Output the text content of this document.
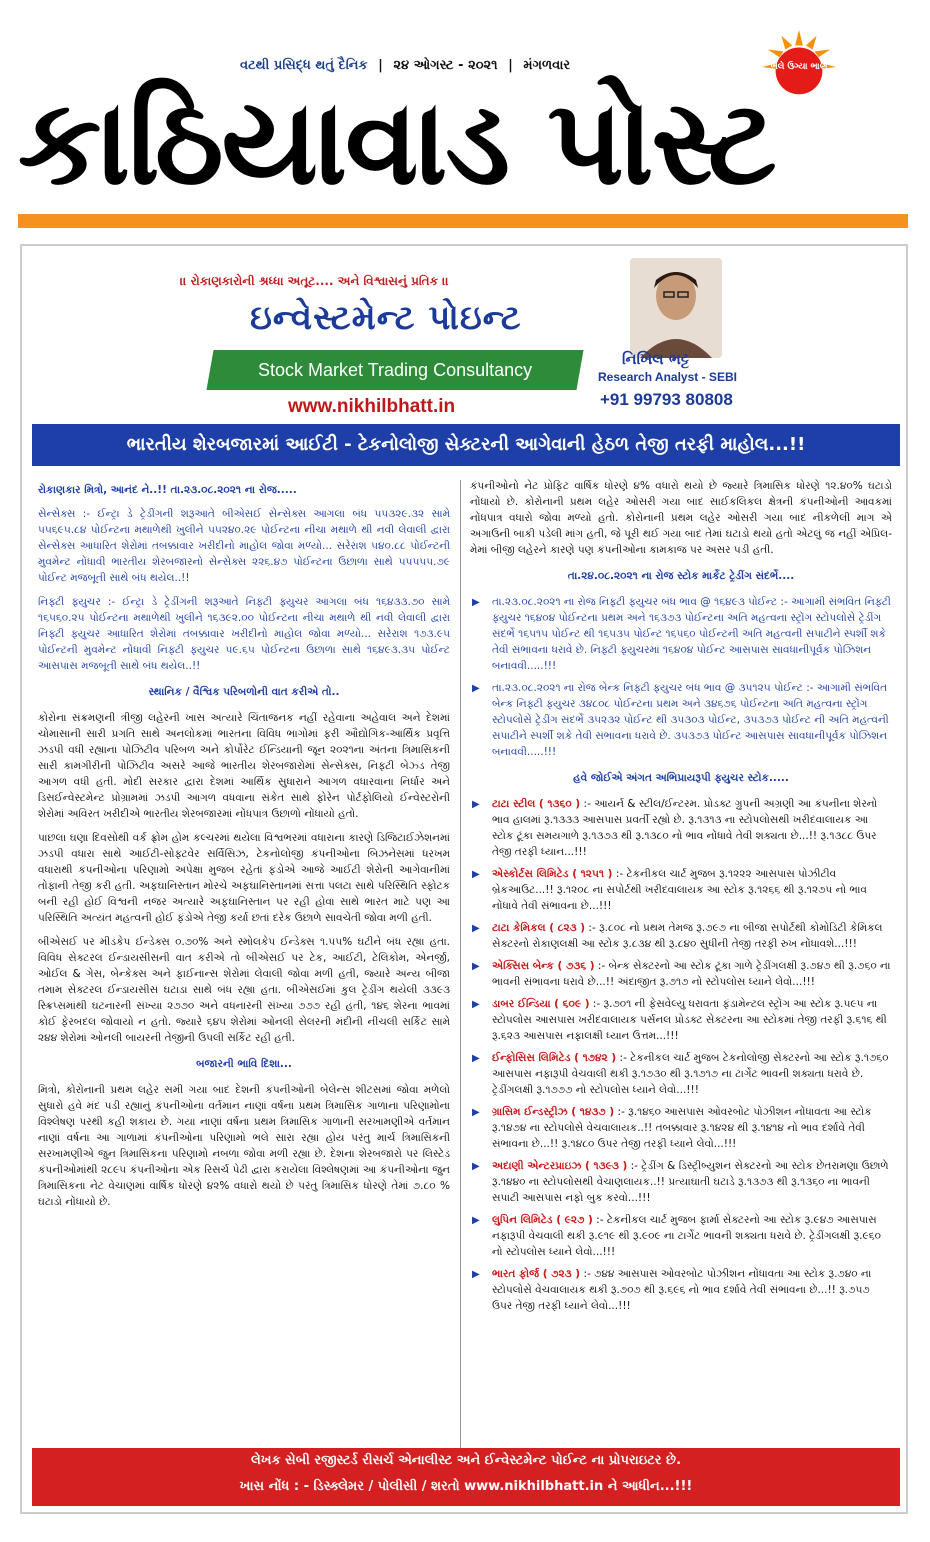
વટથી પ્રસિદ્ધ થતું દૈનિક | ૨૪ ઓગસ્ટ - ૨૦૨૧ | મંગળવાર
કાઠિયાવાડ પોસ્ટ
ભલે ઉગ્યા ભાણ
।। રોકાણકારોની શ્રધ્ધા અતૂટ.... અને વિશ્વાસનું પ્રતિક ।।
ઇન્વેસ્ટમેન્ટ પોઇન્ટ
Stock Market Trading Consultancy
www.nikhilbhatt.in
નિખિલ ભટ્ટ
Research Analyst - SEBI
+91 99793 80808
ભારતીય શેરબજારમાં આઈટી - ટેકનોલોજી સેક્ટરની આગેવાની હેઠળ તેજી તરફી માહોલ...!!

રોકાણકાર મિત્રો, આનંદ ને..!! તા.૨૩.૦૮.૨૦૨૧ ના રોજ.....

સેન્સેક્સ :- ઈન્ટ્રા ડે ટ્રેડીંગની શરૂઆતે બીએસઈ સેન્સેક્સ આગલા બંધ ૫૫૩૨૯.૩૨ સામે ૫૫૬૯૫.૮૪ પોઈન્ટના મથાળેથી ખુલીને ૫૫૨૪૦.૨૯ પોઈન્ટના નીચા મથાળે થી નવી લેવાલી દ્વારા સેન્સેક્સ આધારિત શેરોમાં તબક્કાવાર ખરીદીનો માહોલ જોવા મળ્યો... સરેરાશ ૫૪૦.૮૮ પોઈન્ટની મુવમેન્ટ નોંધાવી ભારતીય શેરબજારનો સેન્સેક્સ ૨૨૬.૪૭ પોઈન્ટના ઉછાળા સાથે ૫૫૫૫૫.૭૯ પોઈન્ટ મજબૂતી સાથે બંધ થયેલ..!!

નિફ્ટી ફ્યુચર :- ઈન્ટ્રા ડે ટ્રેડીંગની શરૂઆતે નિફ્ટી ફ્યુચર આગલા બંધ ૧૬૪૩૩.૭૦ સામે ૧૬૫૬૦.૨૫ પોઈન્ટના મથાળેથી ખુલીને ૧૬૩૯૨.૦૦ પોઈન્ટના નીચા મથાળે થી નવી લેવાલી દ્વારા નિફ્ટી ફ્યુચર આધારિત શેરોમાં તબક્કાવાર ખરીદીનો માહોલ જોવા મળ્યો... સરેરાશ ૧૭૩.૯૫ પોઈન્ટની મુવમેન્ટ નોંધાવી નિફ્ટી ફ્યુચર ૫૯.૬૫ પોઈન્ટના ઉછાળા સાથે ૧૬૪૯૩.૩૫ પોઈન્ટ આસપાસ મજબૂતી સાથે બંધ થયેલ..!!

સ્થાનિક / વૈશ્વિક પરિબળોની વાત કરીએ તો..

કોરોના સંક્રમણની ત્રીજી લહેરની ખાસ અત્યારે ચિંતાજનક નહીં રહેવાના અહેવાલ અને દેશમાં ચોમાસાની સારી પ્રગતિ સાથે અનલોકમાં ભારતના વિવિધ ભાગોમાં ફરી ઔદ્યોગિક-આર્થિક પ્રવૃત્તિ ઝડપી વધી રહ્યાના પોઝિટીવ પરિબળ અને કોર્પોરેટ ઈન્ડિયાની જૂન ૨૦૨૧ના અંતના ત્રિમાસિકની સારી કામગીરીની પોઝિટીવ અસરે આજે ભારતીય શેરબજારોમાં સેન્સેક્સ, નિફ્ટી બેઝ્ડ તેજી આગળ વધી હતી. મોદી સરકાર દ્વારા દેશમાં આર્થિક સુધારાને આગળ વધારવાના નિર્ધાર અને ડિસઈન્વેસ્ટમેન્ટ પ્રોગ્રામમાં ઝડપી આગળ વધવાના સંકેત સાથે ફોરેન પોર્ટફોલિયો ઈન્વેસ્ટરોની શેરોમાં અવિરત ખરીદીએ ભારતીય શેરબજારમાં નોંધપાત્ર ઉછાળો નોંધાયો હતો.

પાછલા ઘણા દિવસોથી વર્ક ફ્રોમ હોમ કલ્ચરમાં થયેલા વિશ્વભરમાં વધારાના કારણે ડિજિટાઈઝેશનમાં ઝડપી વધારા સાથે આઈટી-સોફ્ટવેર સર્વિસિઝ, ટેકનોલોજી કંપનીઓના બિઝનેસમાં ધરખમ વધારાથી કંપનીઓના પરિણામો અપેક્ષા મુજબ રહેતાં ફંડોએ આજે આઈટી શેરોની આગેવાનીમાં તોફાની તેજી કરી હતી. અફઘાનિસ્તાન મોરચે અફઘાનિસ્તાનમાં સત્તા પલટા સાથે પરિસ્થિતિ સ્ફોટક બની રહી હોઈ વિશ્વની નજર અત્યારે અફઘાનિસ્તાન પર રહી હોવા સાથે ભારત માટે પણ આ પરિસ્થિતિ અત્યંત મહત્વની હોઈ ફંડોએ તેજી કર્યા છતાં દરેક ઉછાળે સાવચેતી જોવા મળી હતી.

બીએસઈ પર મીડકેપ ઈન્ડેક્સ ૦.૭૦% અને સ્મોલકેપ ઈન્ડેક્સ ૧.૫૫% ઘટીને બંધ રહ્યા હતા. વિવિધ સેક્ટરલ ઈન્ડાયસીસની વાત કરીએ તો બીએસઈ પર ટેક, આઈટી, ટેલિકોમ, એનર્જી, ઓઈલ & ગેસ, બેન્કેક્સ અને ફાઈનાન્સ શેરોમાં લેવાલી જોવા મળી હતી, જ્યારે અન્ય બીજા તમામ સેક્ટરલ ઈન્ડાયસીસ ઘટાડા સાથે બંધ રહ્યા હતા. બીએસઈમાં કુલ ટ્રેડીંગ થયેલી ૩૩૯૩ સ્ક્રિપ્સમાંથી ઘટનારની સંખ્યા ૨૭૭૦ અને વધનારની સંખ્યા ૭૭૭ રહી હતી, ૧૪૬ શેરના ભાવમાં કોઈ ફેરબદલ જોવાયો ન હતો. જ્યારે ૬૪૫ શેરોમાં ઓનલી સેલરની મંદીની નીચલી સર્કિટ સામે ૨૪૪ શેરોમાં ઓનલી બાયરની તેજીની ઉપલી સર્કિટ રહી હતી.

બજારની ભાવિ દિશા...

મિત્રો, કોરોનાની પ્રથમ લહેર સમી ગયા બાદ દેશની કંપનીઓની બેલેન્સ શીટસમાં જોવા મળેલો સુધારો હવે મંદ પડી રહ્યાનું કંપનીઓના વર્તમાન નાણાં વર્ષના પ્રથમ ત્રિમાસિક ગાળાના પરિણામોના વિશ્લેષણ પરથી કહી શકાય છે. ગયા નાણાં વર્ષના પ્રથમ ત્રિમાસિક ગાળાની સરખામણીએ વર્તમાન નાણાં વર્ષના આ ગાળામાં કંપનીઓના પરિણામો ભલે સારા રહ્યા હોય પરંતુ માર્ચ ત્રિમાસિકની સરખામણીએ જુન ત્રિમાસિકના પરિણામો નબળા જોવા મળી રહ્યા છે. દેશના શેરબજારો પર લિસ્ટેડ કંપનીઓમાંથી ૨૮૯૫ કંપનીઓના એક રિસર્ચ પેઢી દ્વારા કરાયેલા વિશ્લેષણમાં આ કંપનીઓના જુન ત્રિમાસિકના નેટ વેચાણમાં વાર્ષિક ધોરણે ૪૨% વધારો થયો છે પરંતુ ત્રિમાસિક ધોરણે તેમાં ૭.૮૦ % ઘટાડો નોંધાયો છે.

કંપનીઓનો નેટ પ્રોફિટ વાર્ષિક ધોરણે ૪% વધારો થયો છે જ્યારે ત્રિમાસિક ધોરણે ૧૨.૪૦% ઘટાડો નોંધાયો છે. કોરોનાની પ્રથમ લહેર ઓસરી ગયા બાદ સાઈકલિકલ ક્ષેત્રની કંપનીઓની આવકમાં નોંધપાત્ર વધારો જોવા મળ્યો હતો. કોરોનાની પ્રથમ લહેર ઓસરી ગયા બાદ નીકળેલી માગ એ અગાઉની બાકી પડેલી માંગ હતી, જે પૂરી થઈ ગયા બાદ તેમાં ઘટાડો થયો હતો એટલું જ નહીં એપ્રિલ-મેમાં બીજી લહેરને કારણે પણ કંપનીઓના કામકાજ પર અસર પડી હતી.

તા.૨૪.૦૮.૨૦૨૧ ના રોજ સ્ટોક માર્કેટ ટ્રેડીંગ સંદર્ભે....
▶ તા.૨૩.૦૮.૨૦૨૧ ના રોજ નિફ્ટી ફ્યુચર બંધ ભાવ @ ૧૬૪૯૩ પોઈન્ટ :- આગામી સંભવિત નિફ્ટી ફ્યુચર ૧૬૪૦૪ પોઈન્ટના પ્રથમ અને ૧૬૩૭૩ પોઈન્ટના અતિ મહત્વના સ્ટ્રોંગ સ્ટોપલોસે ટ્રેડીંગ સંદર્ભે ૧૬૫૧૫ પોઈન્ટ થી ૧૬૫૩૫ પોઈન્ટ ૧૬૫૬૦ પોઈન્ટની અતિ મહત્વની સપાટીને સ્પર્શી શકે તેવી સંભાવના ધરાવે છે. નિફ્ટી ફ્યુચરમાં ૧૬૪૦૪ પોઈન્ટ આસપાસ સાવધાનીપૂર્વક પોઝિશન બનાવવી.....!!!
▶ તા.૨૩.૦૮.૨૦૨૧ ના રોજ બેન્ક નિફ્ટી ફ્યુચર બંધ ભાવ @ ૩૫૧૨૫ પોઈન્ટ :- આગામી સંભવિત બેન્ક નિફ્ટી ફ્યુચર ૩૪૮૦૮ પોઈન્ટના પ્રથમ અને ૩૪૬૭૬ પોઈન્ટના અતિ મહત્વના સ્ટ્રોંગ સ્ટોપલોસે ટ્રેડીંગ સંદર્ભે ૩૫૨૩૨ પોઈન્ટ થી ૩૫૩૦૩ પોઈન્ટ, ૩૫૩૭૩ પોઈન્ટ ની અતિ મહત્વની સપાટીને સ્પર્શી શકે તેવી સંભાવના ધરાવે છે. ૩૫૩૭૩ પોઈન્ટ આસપાસ સાવધાનીપૂર્વક પોઝિશન બનાવવી.....!!!
હવે જોઈએ અંગત અભિપ્રાયરૂપી ફ્યુચર સ્ટોક.....
▶ ટાટા સ્ટીલ ( ૧૩૬૦ ) :- આયર્ન & સ્ટીલ/ઈન્ટરમ. પ્રોડક્ટ ગ્રુપની અગ્રણી આ કંપનીના શેરનો ભાવ હાલમાં રૂ.૧૩૩૩ આસપાસ પ્રવર્તી રહ્યો છે. રૂ.૧૩૧૩ ના સ્ટોપલોસથી ખરીદવાલાયક આ સ્ટોક ટૂંકા સમયગાળે રૂ.૧૩૭૩ થી રૂ.૧૩૮૦ નો ભાવ નોંધાવે તેવી શક્યતા છે...!! રૂ.૧૩૮૮ ઉપર તેજી તરફી ધ્યાન...!!!
▶ એસ્કોર્ટસ લિમિટેડ ( ૧૨૫૧ ) :- ટેકનીકલ ચાર્ટ મુજબ રૂ.૧૨૨૨ આસપાસ પોઝીટીવ બ્રેકઆઉટ...!! રૂ.૧૨૦૮ ના સપોર્ટથી ખરીદવાલાયક આ સ્ટોક રૂ.૧૨૬૬ થી રૂ.૧૨૭૫ નો ભાવ નોંધાવે તેવી સંભાવના છે...!!!
▶ ટાટા કેમિકલ ( ૮૨૩ ) :- રૂ.૮૦૮ નો પ્રથમ તેમજ રૂ.૭૯૭ ના બીજા સપોર્ટથી કોમોડિટી કેમિકલ સેક્ટરનો રોકાણલક્ષી આ સ્ટોક રૂ.૮૩૪ થી રૂ.૮૪૦ સુધીની તેજી તરફી રુખ નોંધાવશે...!!!
▶ એક્સિસ બેન્ક ( ૭૩૬ ) :- બેન્ક સેક્ટરનો આ સ્ટોક ટૂંકા ગાળે ટ્રેડીંગલક્ષી રૂ.૭૪૭ થી રૂ.૭૬૦ ના ભાવની સંભાવના ધરાવે છે...!! અંદાજીત રૂ.૭૧૭ નો સ્ટોપલોસ ધ્યાને લેવો...!!!
▶ ડાબર ઈન્ડિયા ( ૬૦૯ ) :- રૂ.૭૦૧ ની ફેસવેલ્યુ ધરાવતા ફંડામેન્ટલ સ્ટ્રોંગ આ સ્ટોક રૂ.૫૯૫ ના સ્ટોપલોસ આસપાસ ખરીદવાલાયક પર્સનલ પ્રોડક્ટ સેક્ટરના આ સ્ટોકમાં તેજી તરફી રૂ.૬૧૬ થી રૂ.૬૨૩ આસપાસ નફાલક્ષી ધ્યાન ઉત્તમ...!!!
▶ ઈન્ફોસિસ લિમિટેડ ( ૧૭૪૨ ) :- ટેકનીકલ ચાર્ટ મુજબ ટેકનોલોજી સેક્ટરનો આ સ્ટોક રૂ.૧૭૬૦ આસપાસ નફારૂપી વેચવાલી થકી રૂ.૧૭૩૦ થી રૂ.૧૭૧૭ ના ટાર્ગેટ ભાવની શક્યતા ધરાવે છે. ટ્રેડીંગલક્ષી રૂ.૧૭૭૭ નો સ્ટોપલોસ ધ્યાને લેવો...!!!
▶ ગ્રાસિમ ઈન્ડસ્ટ્રીઝ ( ૧૪૩૭ ) :- રૂ.૧૪૬૦ આસપાસ ઓવરબોટ પોઝીશન નોંધાવતા આ સ્ટોક રૂ.૧૪૭૪ ના સ્ટોપલોસે વેચવાલાયક..!! તબક્કાવાર રૂ.૧૪૨૪ થી રૂ.૧૪૧૪ નો ભાવ દર્શાવે તેવી સંભાવના છે...!! રૂ.૧૪૮૦ ઉપર તેજી તરફી ધ્યાને લેવો...!!!
▶ અદાણી એન્ટરપ્રાઇઝ ( ૧૩૯૩ ) :- ટ્રેડીંગ & ડિસ્ટ્રીબ્યુશન સેક્ટરનો આ સ્ટોક છેતરામણા ઉછાળે રૂ.૧૪૪૦ ના સ્ટોપલોસથી વેચાણલાયક..!! પ્રત્યાઘાતી ઘટાડે રૂ.૧૩૭૩ થી રૂ.૧૩૬૦ ના ભાવની સપાટી આસપાસ નફો બુક કરવો...!!!
▶ લુપિન લિમિટેડ ( ૯૨૭ ) :- ટેકનીકલ ચાર્ટ મુજબ ફાર્મા સેક્ટરનો આ સ્ટોક રૂ.૯૪૭ આસપાસ નફારૂપી વેચવાલી થકી રૂ.૯૧૯ થી રૂ.૯૦૯ ના ટાર્ગેટ ભાવની શક્યતા ધરાવે છે. ટ્રેડીંગલક્ષી રૂ.૯૬૦ નો સ્ટોપલોસ ધ્યાને લેવો...!!!
▶ ભારત ફોર્જ ( ૭૨૩ ) :- ૭૪૪ આસપાસ ઓવરબોટ પોઝીશન નોંધાવતા આ સ્ટોક રૂ.૭૪૦ ના સ્ટોપલોસે વેચવાલાયક થકી રૂ.૭૦૭ થી રૂ.૬૯૬ નો ભાવ દર્શાવે તેવી સંભાવના છે...!! રૂ.૭૫૭ ઉપર તેજી તરફી ધ્યાને લેવો...!!!
લેખક સેબી રજીસ્ટર્ડ રીસર્ચ એનાલીસ્ટ અને ઈન્વેસ્ટમેન્ટ પોઈન્ટ ના પ્રોપરાઇટર છે.
ખાસ નોંધ : - ડિસ્ક્લેમર / પોલીસી / શરતો www.nikhilbhatt.in ને આધીન...!!!
